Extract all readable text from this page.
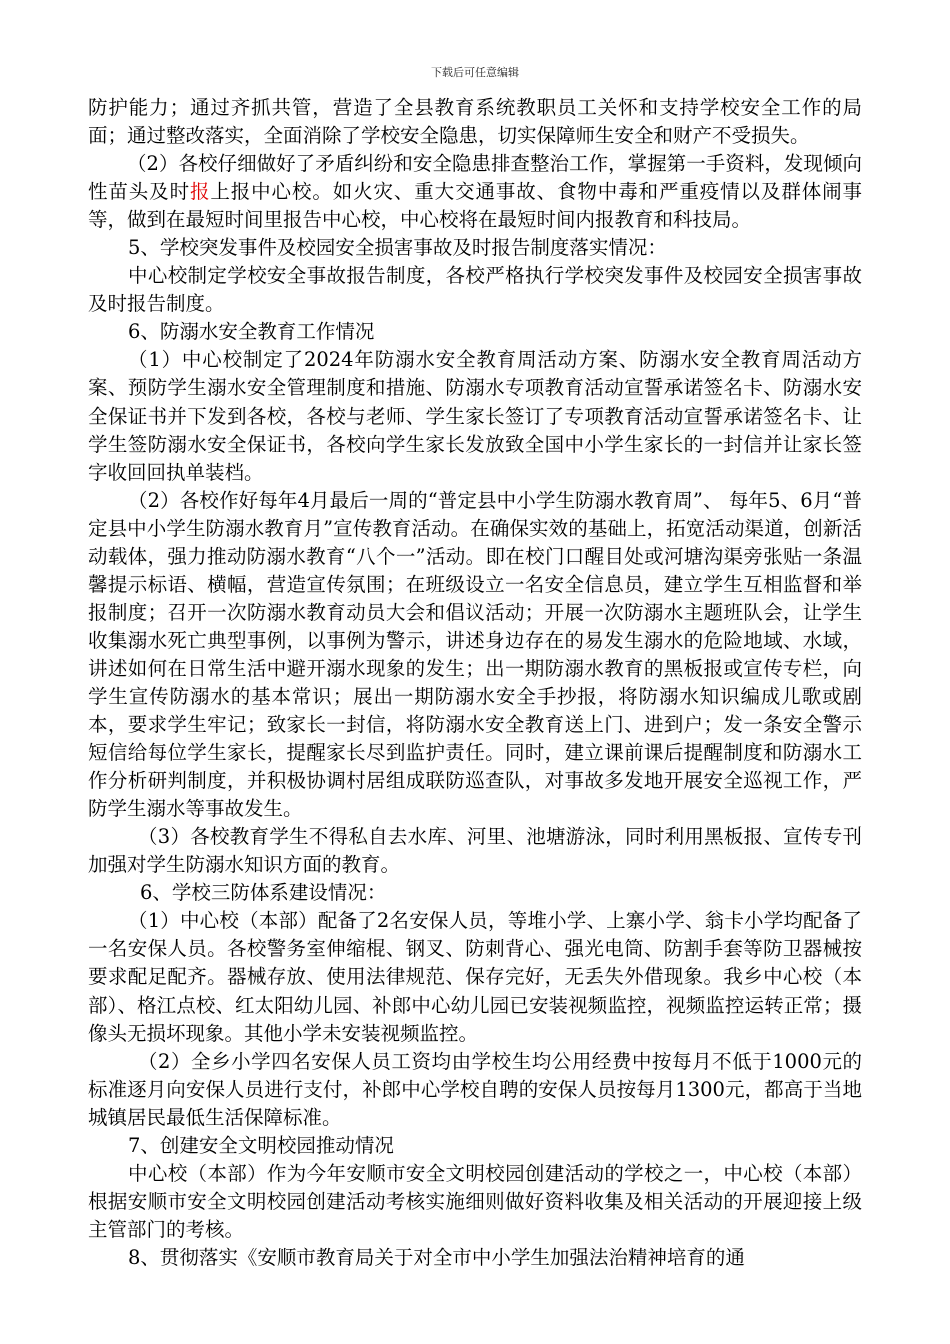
下载后可任意编辑

防护能力；通过齐抓共管，营造了全县教育系统教职员工关怀和支持学校安全工作的局面；通过整改落实，全面消除了学校安全隐患，切实保障师生安全和财产不受损失。

（2）各校仔细做好了矛盾纠纷和安全隐患排查整治工作，掌握第一手资料，发现倾向性苗头及时报上报中心校。如火灾、重大交通事故、食物中毒和严重疫情以及群体闹事等，做到在最短时间里报告中心校，中心校将在最短时间内报教育和科技局。

5、学校突发事件及校园安全损害事故及时报告制度落实情况：

中心校制定学校安全事故报告制度，各校严格执行学校突发事件及校园安全损害事故及时报告制度。

6、防溺水安全教育工作情况

（1）中心校制定了2024年防溺水安全教育周活动方案、防溺水安全教育周活动方案、预防学生溺水安全管理制度和措施、防溺水专项教育活动宣誓承诺签名卡、防溺水安全保证书并下发到各校，各校与老师、学生家长签订了专项教育活动宣誓承诺签名卡、让学生签防溺水安全保证书，各校向学生家长发放致全国中小学生家长的一封信并让家长签字收回回执单装档。

（2）各校作好每年4月最后一周的“普定县中小学生防溺水教育周”、 每年5、6月“普定县中小学生防溺水教育月”宣传教育活动。在确保实效的基础上，拓宽活动渠道，创新活动载体，强力推动防溺水教育“八个一”活动。即在校门口醒目处或河塘沟渠旁张贴一条温馨提示标语、横幅，营造宣传氛围；在班级设立一名安全信息员，建立学生互相监督和举报制度；召开一次防溺水教育动员大会和倡议活动；开展一次防溺水主题班队会，让学生收集溺水死亡典型事例，以事例为警示，讲述身边存在的易发生溺水的危险地域、水域，讲述如何在日常生活中避开溺水现象的发生；出一期防溺水教育的黑板报或宣传专栏，向学生宣传防溺水的基本常识；展出一期防溺水安全手抄报，将防溺水知识编成儿歌或剧本，要求学生牢记；致家长一封信，将防溺水安全教育送上门、进到户；发一条安全警示短信给每位学生家长，提醒家长尽到监护责任。同时，建立课前课后提醒制度和防溺水工作分析研判制度，并积极协调村居组成联防巡查队，对事故多发地开展安全巡视工作，严防学生溺水等事故发生。

（3）各校教育学生不得私自去水库、河里、池塘游泳，同时利用黑板报、宣传专刊加强对学生防溺水知识方面的教育。

6、学校三防体系建设情况：

（1）中心校（本部）配备了2名安保人员，等堆小学、上寨小学、翁卡小学均配备了一名安保人员。各校警务室伸缩棍、钢叉、防刺背心、强光电筒、防割手套等防卫器械按要求配足配齐。器械存放、使用法律规范、保存完好，无丢失外借现象。我乡中心校（本部）、格江点校、红太阳幼儿园、补郎中心幼儿园已安装视频监控，视频监控运转正常；摄像头无损坏现象。其他小学未安装视频监控。

（2）全乡小学四名安保人员工资均由学校生均公用经费中按每月不低于1000元的标准逐月向安保人员进行支付，补郎中心学校自聘的安保人员按每月1300元，都高于当地城镇居民最低生活保障标准。

7、创建安全文明校园推动情况

中心校（本部）作为今年安顺市安全文明校园创建活动的学校之一，中心校（本部）根据安顺市安全文明校园创建活动考核实施细则做好资料收集及相关活动的开展迎接上级主管部门的考核。

8、贯彻落实《安顺市教育局关于对全市中小学生加强法治精神培育的通
